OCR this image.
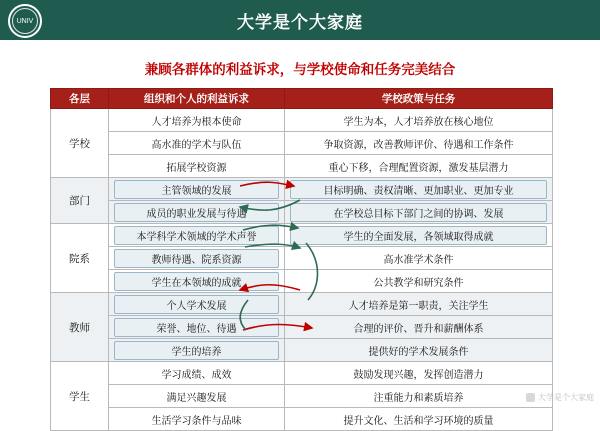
UNIV	大学是个大家庭
兼顾各群体的利益诉求，与学校使命和任务完美结合
各层	组织和个人的利益诉求	学校政策与任务
学校	人才培养为根本使命	学生为本，人才培养放在核心地位

	高水准的学术与队伍	争取资源，改善教师评价、待遇和工作条件

	拓展学校资源	重心下移，合理配置资源，激发基层潜力

部门	主管领域的发展	目标明确、责权清晰、更加职业、更加专业

	成员的职业发展与待遇	在学校总目标下部门之间的协调、发展

院系	本学科学术领域的学术声誉	学生的全面发展，各领域取得成就

	教师待遇、院系资源	高水准学术条件

	学生在本领域的成就	公共教学和研究条件

教师	个人学术发展	人才培养是第一职责，关注学生

	荣誉、地位、待遇	合理的评价、晋升和薪酬体系

	学生的培养	提供好的学术发展条件

学生	学习成绩、成效	鼓励发现兴趣，发挥创造潜力

	满足兴趣发展	注重能力和素质培养

	生活学习条件与品味	提升文化、生活和学习环境的质量
大学是个大家庭
